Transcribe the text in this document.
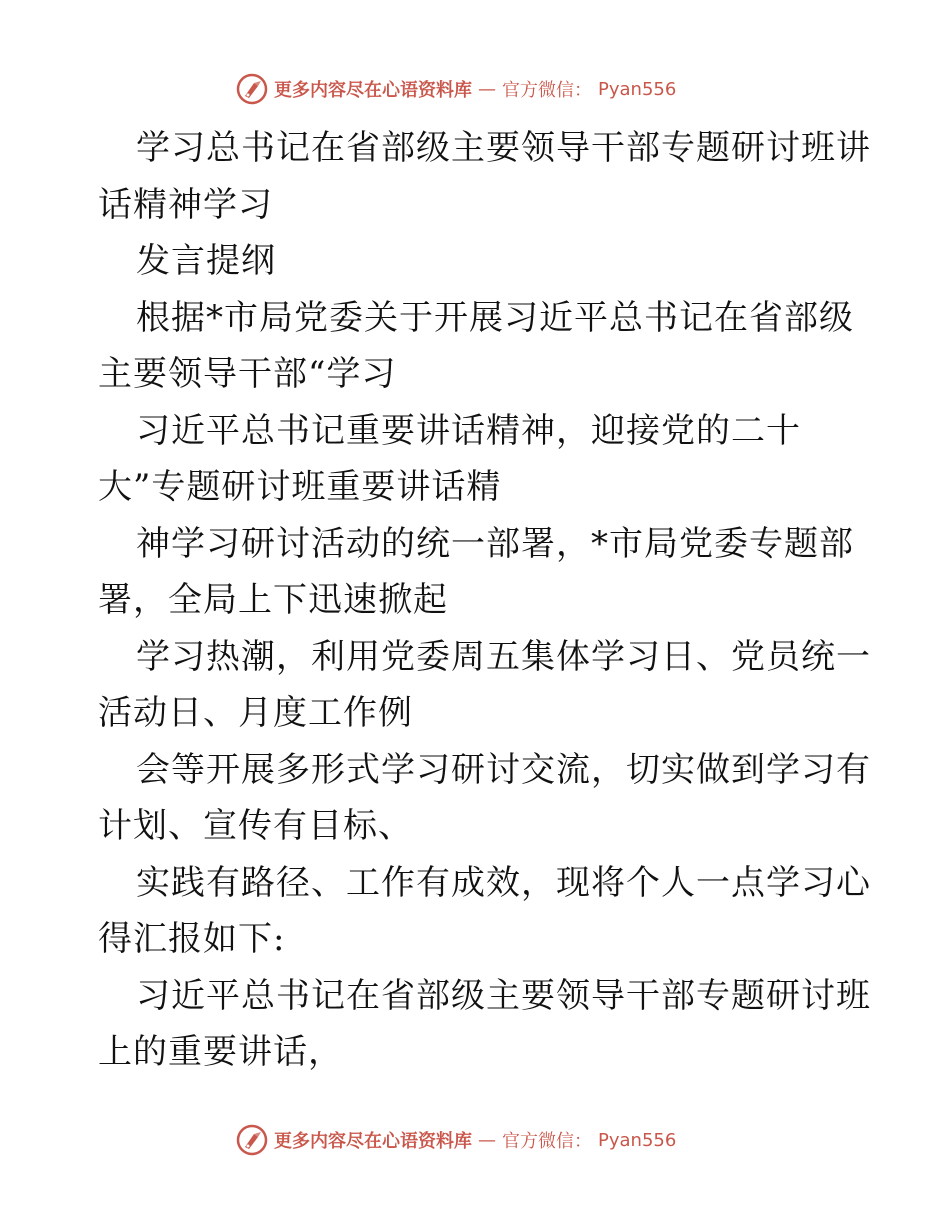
更多内容尽在心语资料库 — 官方微信： Pyan556

学习总书记在省部级主要领导干部专题研讨班讲
话精神学习

发言提纲

根据*市局党委关于开展习近平总书记在省部级
主要领导干部“学习

习近平总书记重要讲话精神，迎接党的二十
大”专题研讨班重要讲话精

神学习研讨活动的统一部署，*市局党委专题部
署，全局上下迅速掀起

学习热潮，利用党委周五集体学习日、党员统一
活动日、月度工作例

会等开展多形式学习研讨交流，切实做到学习有
计划、宣传有目标、

实践有路径、工作有成效，现将个人一点学习心
得汇报如下:

习近平总书记在省部级主要领导干部专题研讨班
上的重要讲话，

更多内容尽在心语资料库 — 官方微信： Pyan556
